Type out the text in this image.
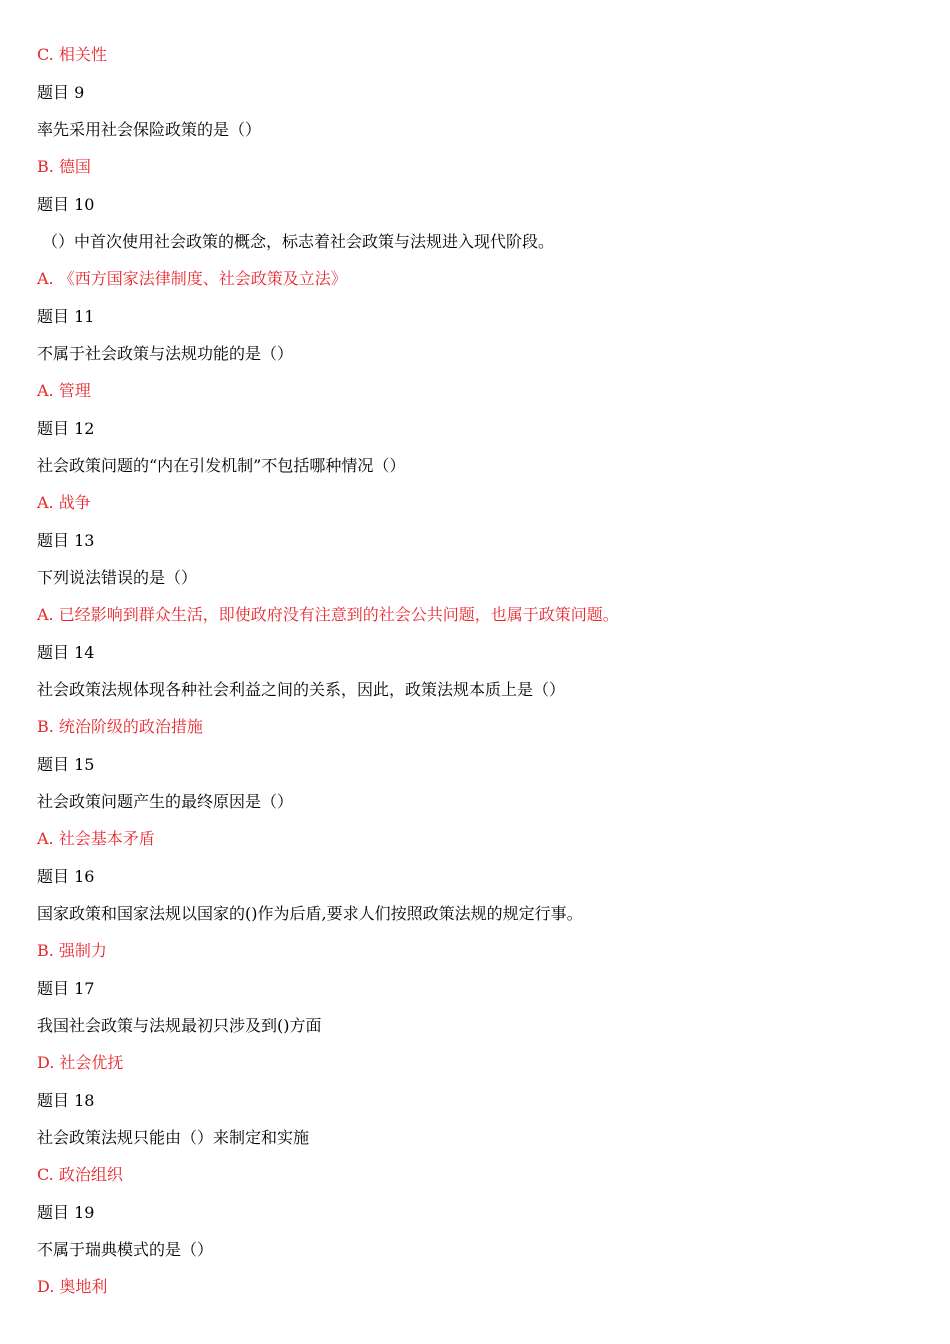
C. 相关性
题目 9
率先采用社会保险政策的是（）
B. 德国
题目 10
（）中首次使用社会政策的概念，标志着社会政策与法规进入现代阶段。
A. 《西方国家法律制度、社会政策及立法》
题目 11
不属于社会政策与法规功能的是（）
A. 管理
题目 12
社会政策问题的“内在引发机制”不包括哪种情况（）
A. 战争
题目 13
下列说法错误的是（）
A. 已经影响到群众生活，即使政府没有注意到的社会公共问题，也属于政策问题。
题目 14
社会政策法规体现各种社会利益之间的关系，因此，政策法规本质上是（）
B. 统治阶级的政治措施
题目 15
社会政策问题产生的最终原因是（）
A. 社会基本矛盾
题目 16
国家政策和国家法规以国家的()作为后盾,要求人们按照政策法规的规定行事。
B. 强制力
题目 17
我国社会政策与法规最初只涉及到()方面
D. 社会优抚
题目 18
社会政策法规只能由（）来制定和实施
C. 政治组织
题目 19
不属于瑞典模式的是（）
D. 奥地利
